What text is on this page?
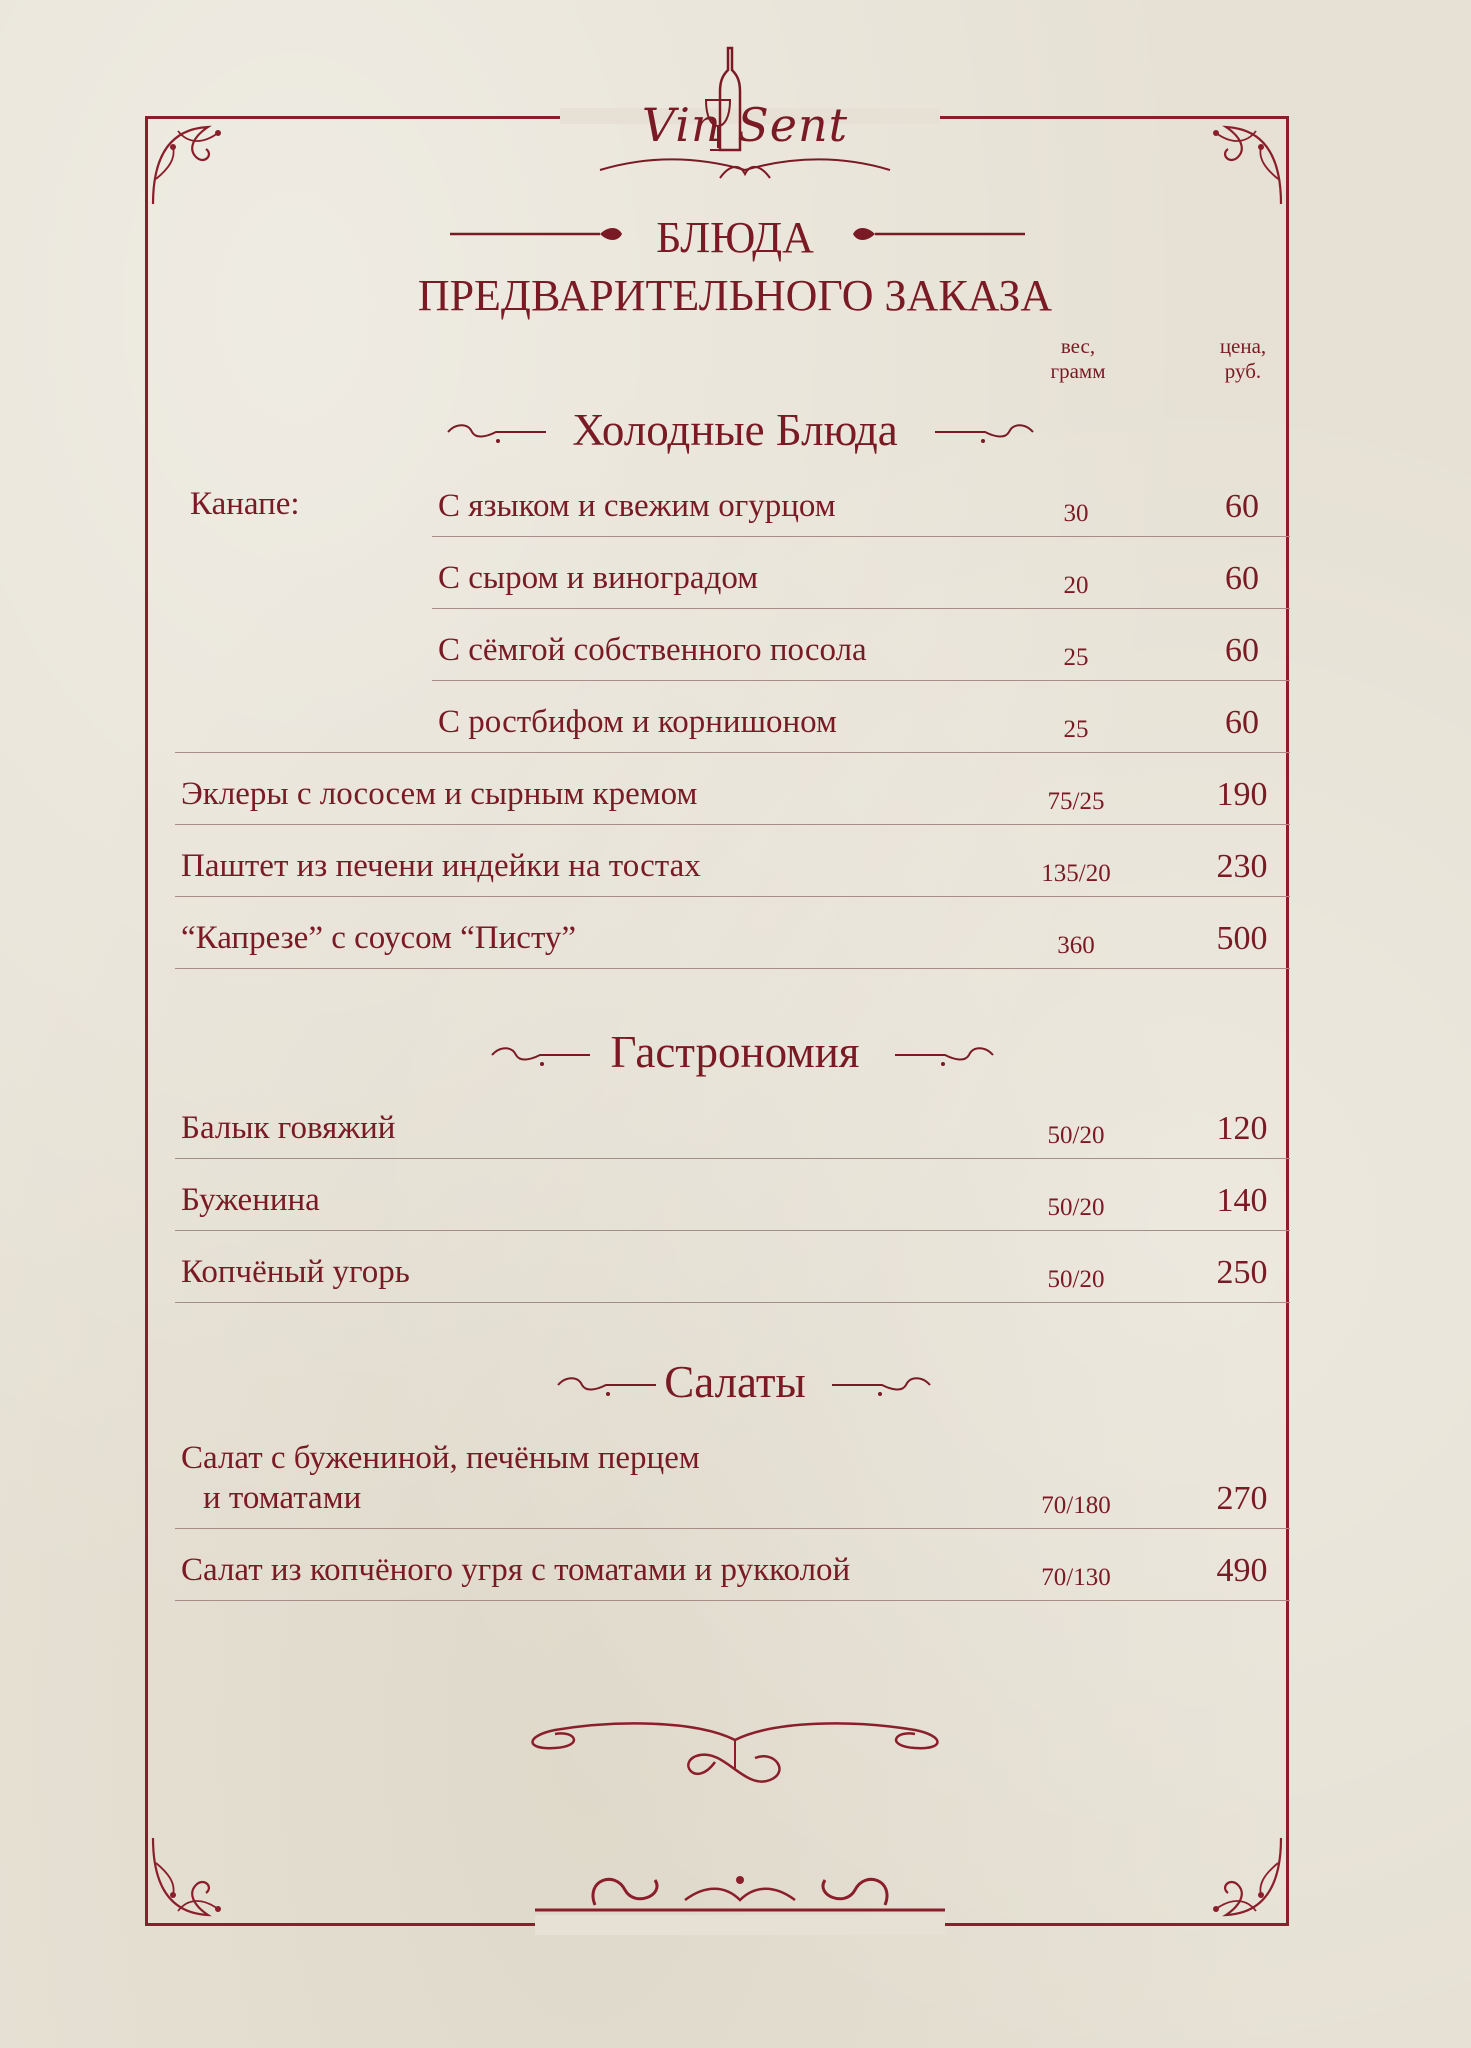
Vin Sent
БЛЮДА
ПРЕДВАРИТЕЛЬНОГО ЗАКАЗА
вес,
грамм
цена,
руб.
Холодные Блюда
Канапе:	С языком и свежим огурцом	30	60
С сыром и виноградом	20	60
С сёмгой собственного посола	25	60
С ростбифом и корнишоном	25	60
Эклеры с лососем и сырным кремом	75/25	190
Паштет из печени индейки на тостах	135/20	230
“Капрезе” с соусом “Писту”	360	500
Гастрономия
Балык говяжий	50/20	120
Буженина	50/20	140
Копчёный угорь	50/20	250
Салаты
Салат с бужениной, печёным перцем
и томатами	70/180	270
Салат из копчёного угря с томатами и рукколой	70/130	490
